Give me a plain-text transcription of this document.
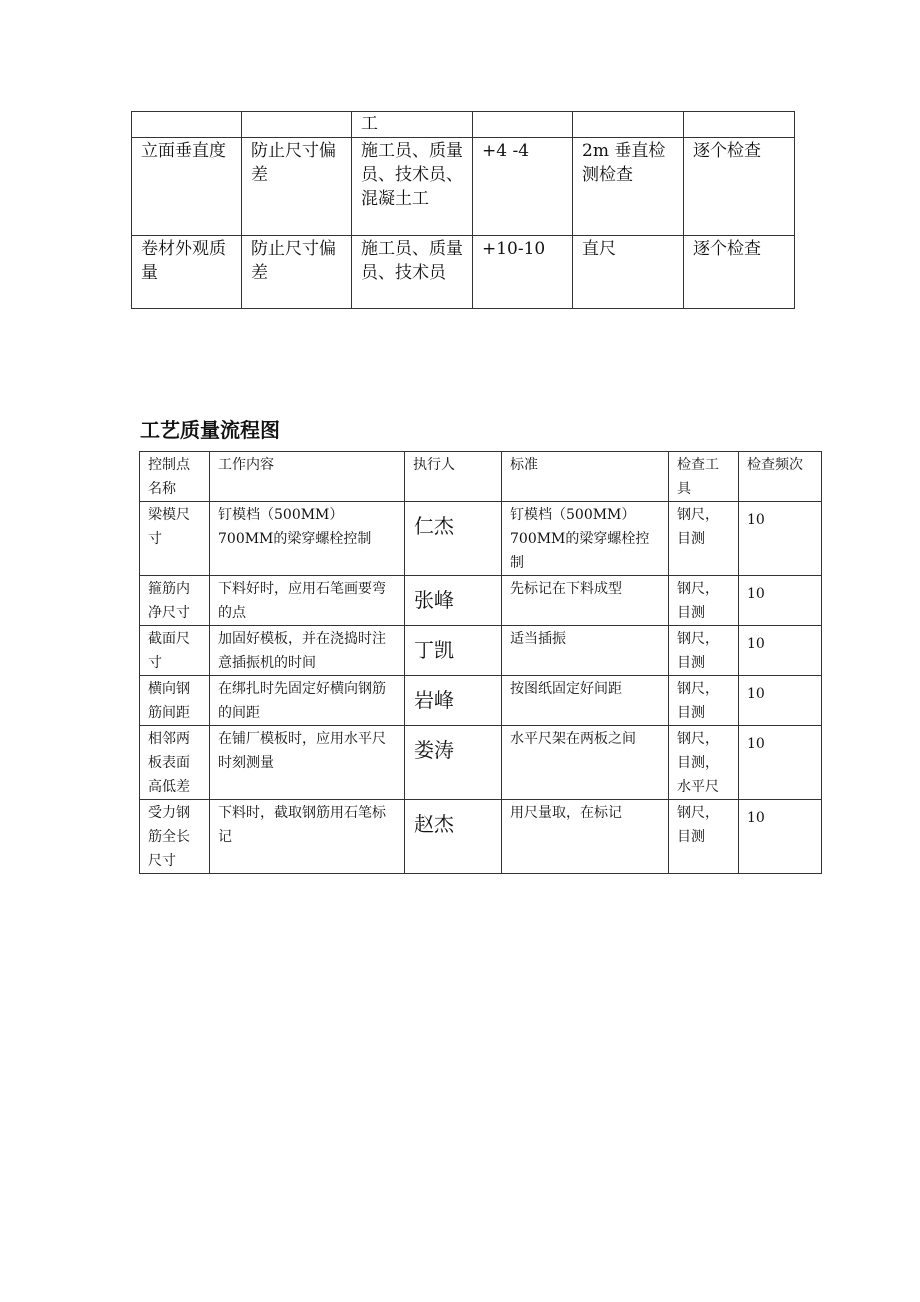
		工			
立面垂直度	防止尺寸偏差	施工员、质量员、技术员、混凝土工	+4 -4	2m 垂直检测检查	逐个检查
卷材外观质量	防止尺寸偏差	施工员、质量员、技术员	+10-10	直尺	逐个检查
工艺质量流程图
控制点名称	工作内容	执行人	标准	检查工具	检查频次
梁模尺寸	钉模档（500MM）700MM的梁穿螺栓控制	仁杰	钉模档（500MM）700MM的梁穿螺栓控制	钢尺，目测	10
箍筋内净尺寸	下料好时，应用石笔画要弯的点	张峰	先标记在下料成型	钢尺，目测	10
截面尺寸	加固好模板，并在浇捣时注意插振机的时间	丁凯	适当插振	钢尺，目测	10
横向钢筋间距	在绑扎时先固定好横向钢筋的间距	岩峰	按图纸固定好间距	钢尺，目测	10
相邻两板表面高低差	在铺厂模板时，应用水平尺时刻测量	娄涛	水平尺架在两板之间	钢尺，目测，水平尺	10
受力钢筋全长尺寸	下料时，截取钢筋用石笔标记	赵杰	用尺量取，在标记	钢尺，目测	10
